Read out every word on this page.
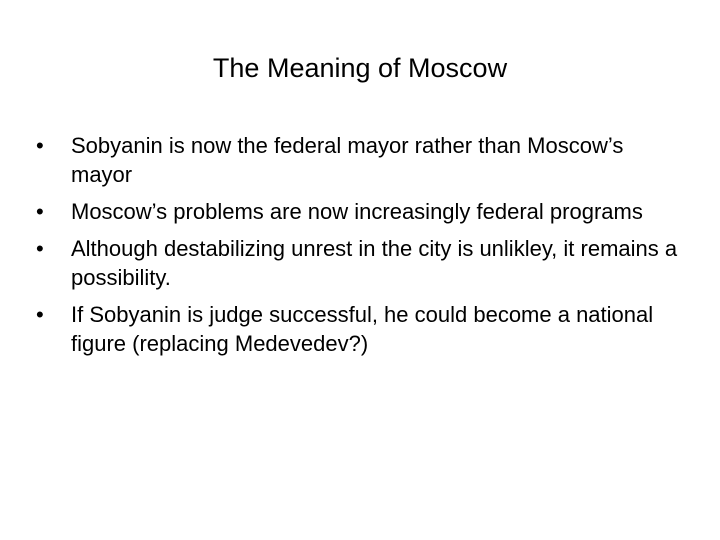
The Meaning of Moscow
•	Sobyanin is now the federal mayor rather than Moscow’s mayor
•	Moscow’s problems are now increasingly federal programs
•	Although destabilizing unrest in the city is unlikley, it remains a possibility.
•	If Sobyanin is judge successful, he could become a national figure (replacing Medevedev?)
